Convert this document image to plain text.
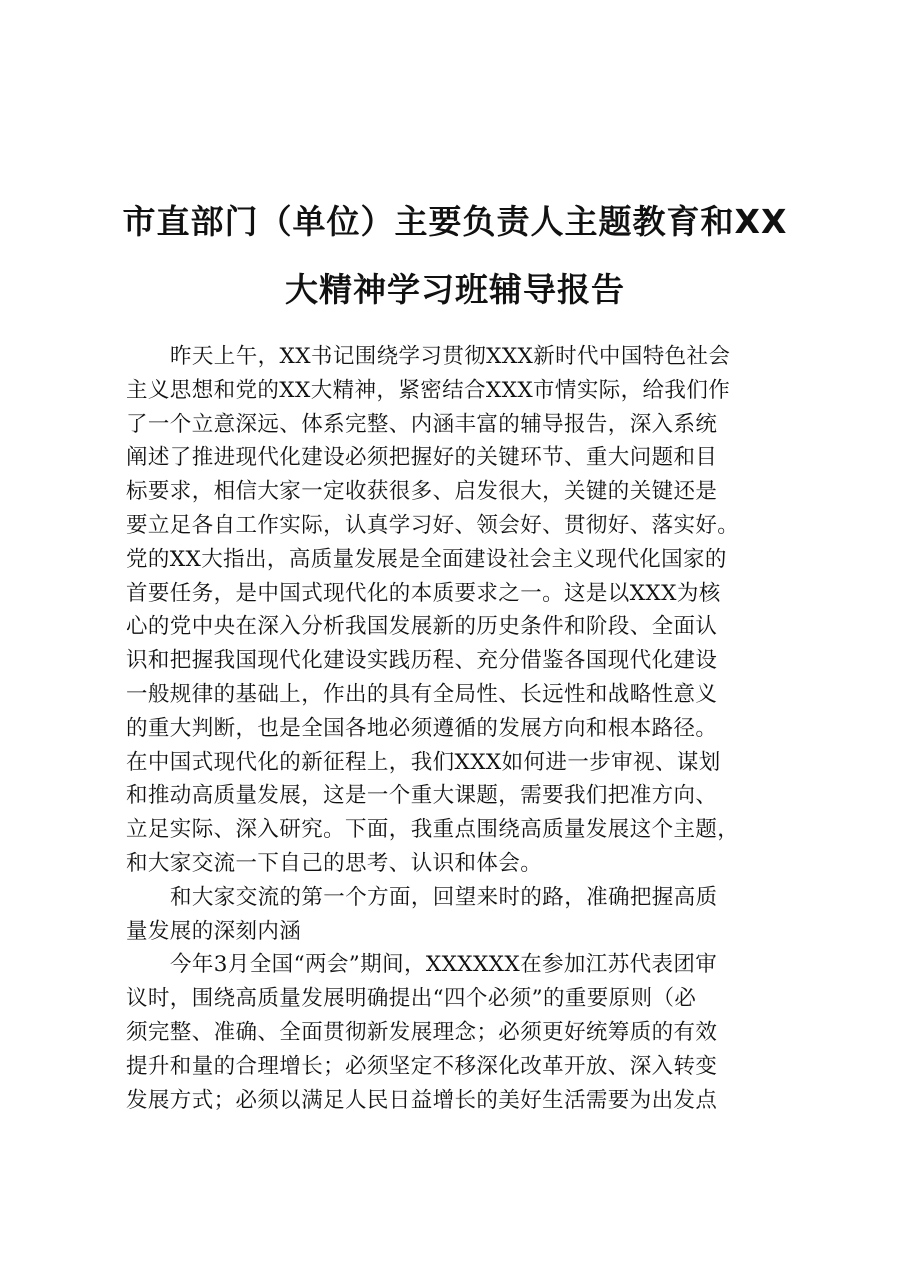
市直部门（单位）主要负责人主题教育和XX
大精神学习班辅导报告
昨天上午，XX书记围绕学习贯彻XXX新时代中国特色社会
主义思想和党的XX大精神，紧密结合XXX市情实际，给我们作
了一个立意深远、体系完整、内涵丰富的辅导报告，深入系统
阐述了推进现代化建设必须把握好的关键环节、重大问题和目
标要求，相信大家一定收获很多、启发很大，关键的关键还是
要立足各自工作实际，认真学习好、领会好、贯彻好、落实好。
党的XX大指出，高质量发展是全面建设社会主义现代化国家的
首要任务，是中国式现代化的本质要求之一。这是以XXX为核
心的党中央在深入分析我国发展新的历史条件和阶段、全面认
识和把握我国现代化建设实践历程、充分借鉴各国现代化建设
一般规律的基础上，作出的具有全局性、长远性和战略性意义
的重大判断，也是全国各地必须遵循的发展方向和根本路径。
在中国式现代化的新征程上，我们XXX如何进一步审视、谋划
和推动高质量发展，这是一个重大课题，需要我们把准方向、
立足实际、深入研究。下面，我重点围绕高质量发展这个主题，
和大家交流一下自己的思考、认识和体会。
和大家交流的第一个方面，回望来时的路，准确把握高质
量发展的深刻内涵
今年3月全国“两会”期间，XXXXXX在参加江苏代表团审
议时，围绕高质量发展明确提出“四个必须”的重要原则（必
须完整、准确、全面贯彻新发展理念；必须更好统筹质的有效
提升和量的合理增长；必须坚定不移深化改革开放、深入转变
发展方式；必须以满足人民日益增长的美好生活需要为出发点
